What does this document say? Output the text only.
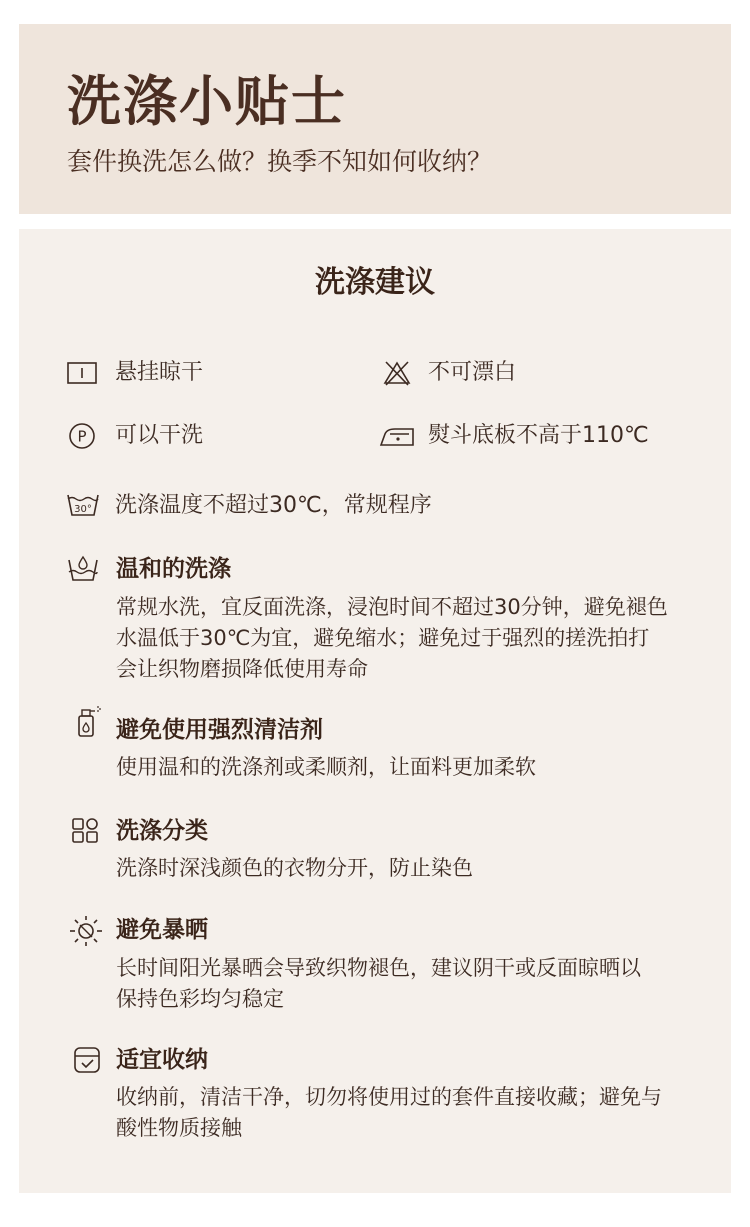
洗涤小贴士
套件换洗怎么做？换季不知如何收纳？
洗涤建议
悬挂晾干	不可漂白
P 可以干洗	熨斗底板不高于110℃
30° 洗涤温度不超过30℃，常规程序
温和的洗涤
常规水洗，宜反面洗涤，浸泡时间不超过30分钟，避免褪色
水温低于30℃为宜，避免缩水；避免过于强烈的搓洗拍打
会让织物磨损降低使用寿命
避免使用强烈清洁剂
使用温和的洗涤剂或柔顺剂，让面料更加柔软
洗涤分类
洗涤时深浅颜色的衣物分开，防止染色
避免暴晒
长时间阳光暴晒会导致织物褪色，建议阴干或反面晾晒以
保持色彩均匀稳定
适宜收纳
收纳前，清洁干净，切勿将使用过的套件直接收藏；避免与
酸性物质接触
